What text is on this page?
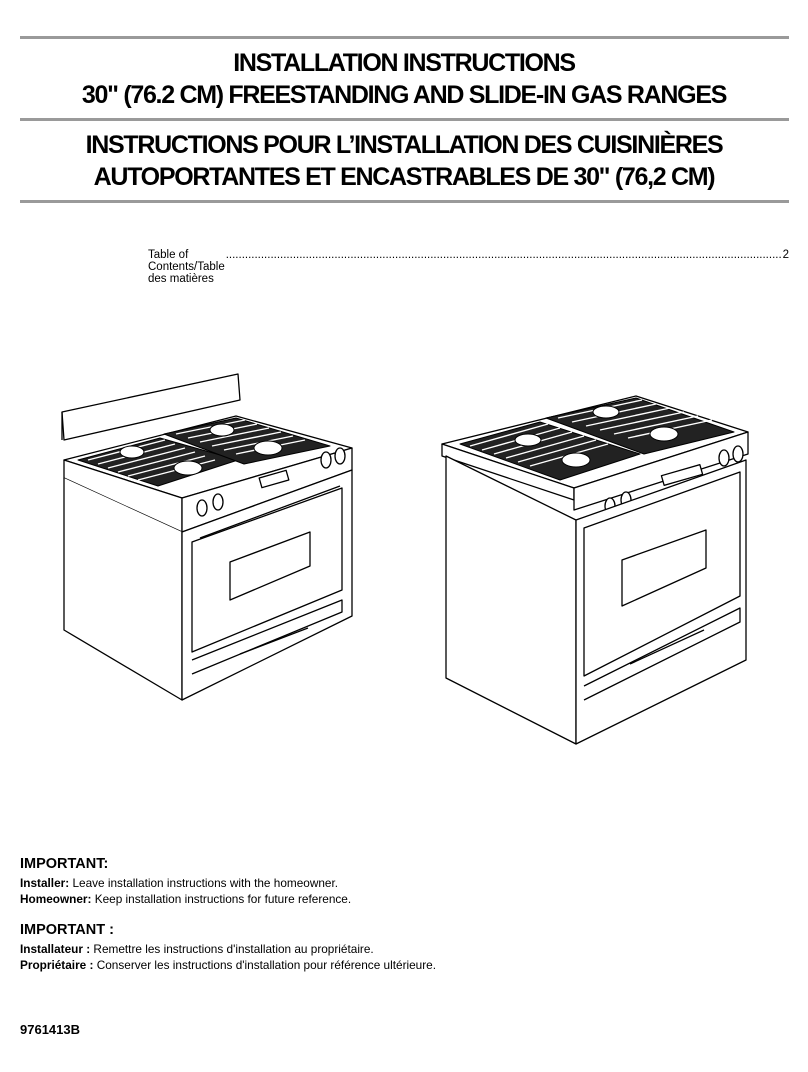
INSTALLATION INSTRUCTIONS
30" (76.2 CM) FREESTANDING AND SLIDE-IN GAS RANGES
INSTRUCTIONS POUR L’INSTALLATION DES CUISINIÈRES
AUTOPORTANTES ET ENCASTRABLES DE 30" (76,2 CM)
Table of Contents/Table des matières
.............................................................................................................................................................................. 2
IMPORTANT:
Installer: Leave installation instructions with the homeowner.
Homeowner: Keep installation instructions for future reference.
IMPORTANT :
Installateur : Remettre les instructions d'installation au propriétaire.
Propriétaire : Conserver les instructions d'installation pour référence ultérieure.
9761413B
